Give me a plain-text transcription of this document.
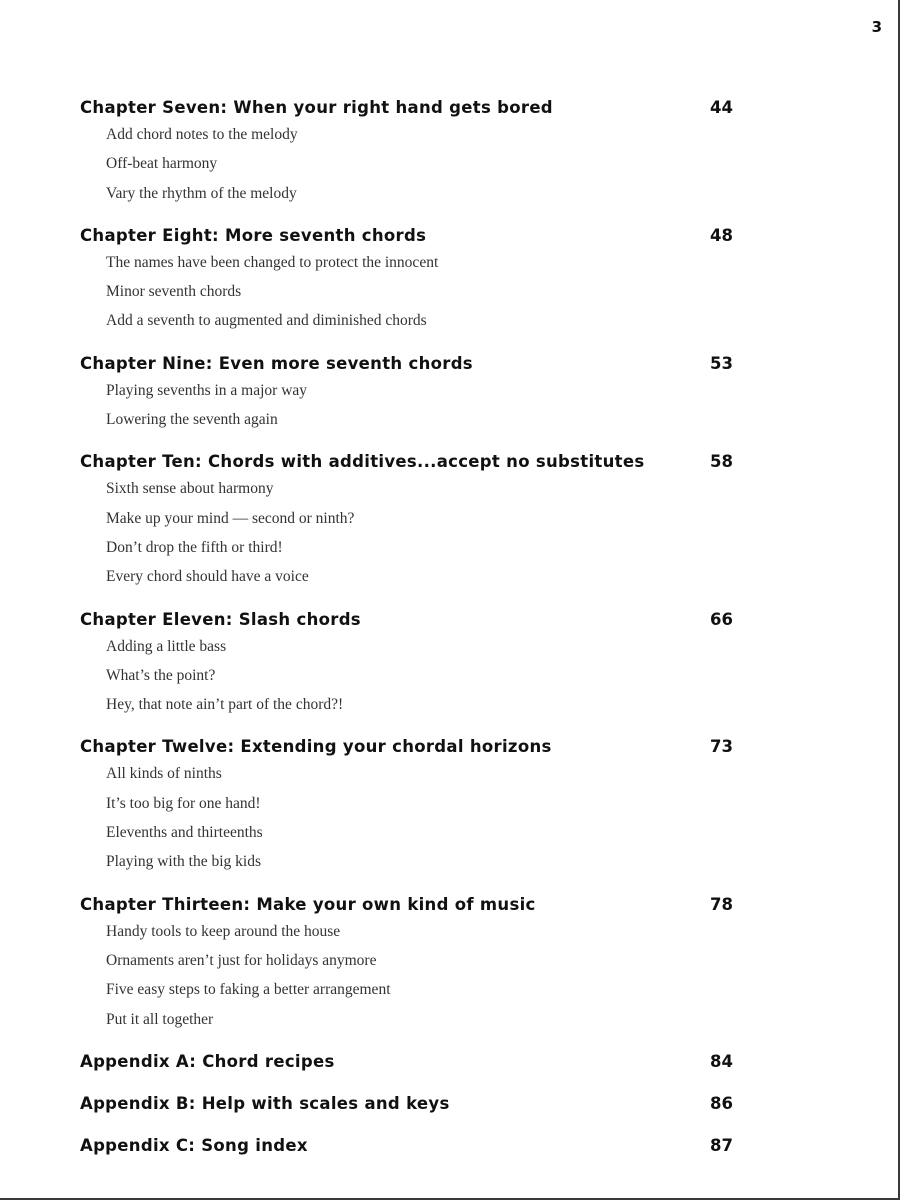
3
Chapter Seven: When your right hand gets bored	44
Add chord notes to the melody
Off-beat harmony
Vary the rhythm of the melody
Chapter Eight: More seventh chords	48
The names have been changed to protect the innocent
Minor seventh chords
Add a seventh to augmented and diminished chords
Chapter Nine: Even more seventh chords	53
Playing sevenths in a major way
Lowering the seventh again
Chapter Ten: Chords with additives...accept no substitutes	58
Sixth sense about harmony
Make up your mind — second or ninth?
Don’t drop the fifth or third!
Every chord should have a voice
Chapter Eleven: Slash chords	66
Adding a little bass
What’s the point?
Hey, that note ain’t part of the chord?!
Chapter Twelve: Extending your chordal horizons	73
All kinds of ninths
It’s too big for one hand!
Elevenths and thirteenths
Playing with the big kids
Chapter Thirteen: Make your own kind of music	78
Handy tools to keep around the house
Ornaments aren’t just for holidays anymore
Five easy steps to faking a better arrangement
Put it all together
Appendix A: Chord recipes	84
Appendix B: Help with scales and keys	86
Appendix C: Song index	87
